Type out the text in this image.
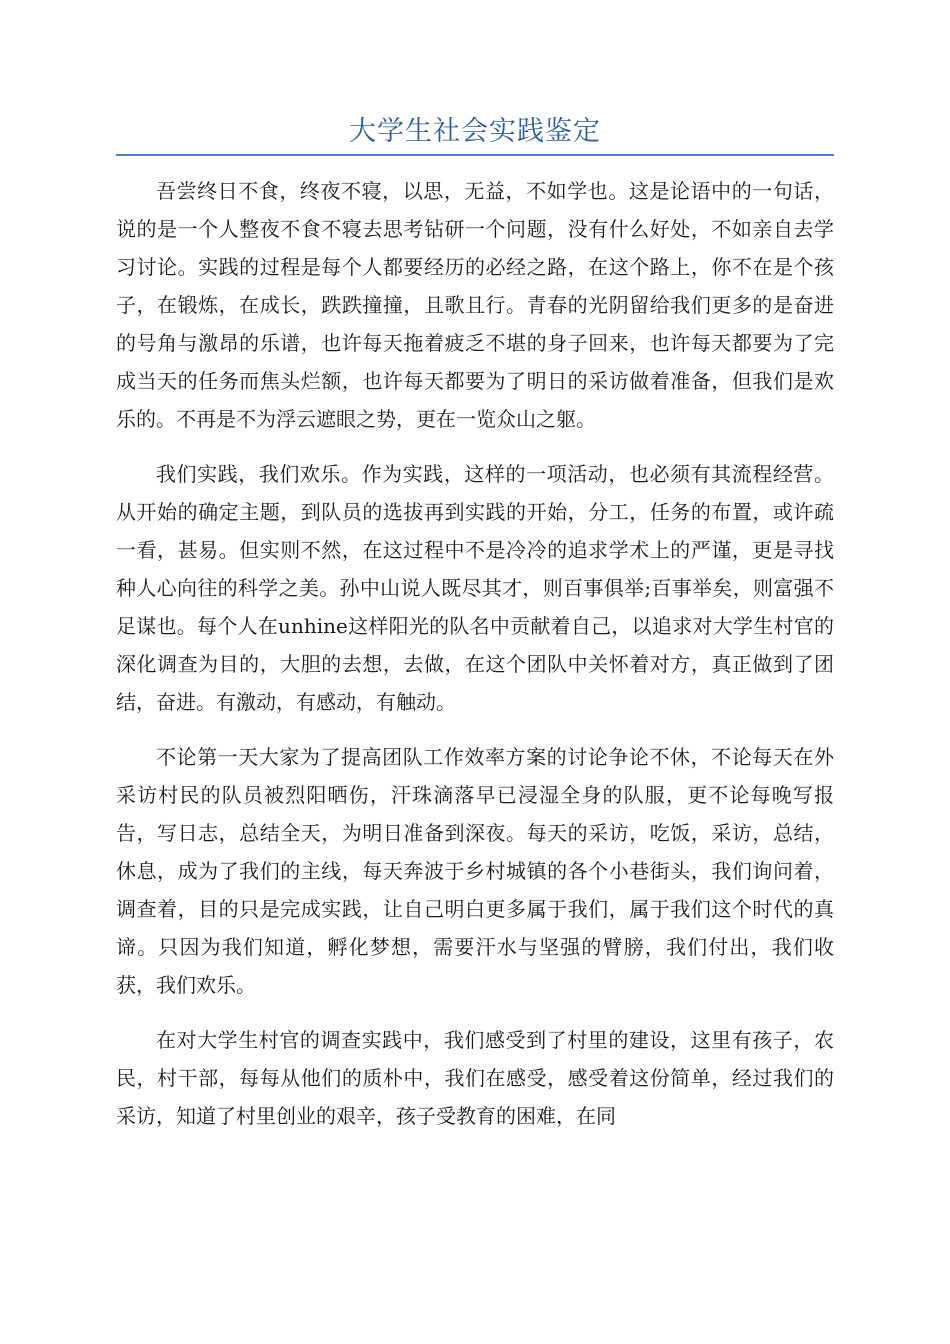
大学生社会实践鉴定

吾尝终日不食，终夜不寝，以思，无益，不如学也。这是论语中的一句话，说的是一个人整夜不食不寝去思考钻研一个问题，没有什么好处，不如亲自去学习讨论。实践的过程是每个人都要经历的必经之路，在这个路上，你不在是个孩子，在锻炼，在成长，跌跌撞撞，且歌且行。青春的光阴留给我们更多的是奋进的号角与激昂的乐谱，也许每天拖着疲乏不堪的身子回来，也许每天都要为了完成当天的任务而焦头烂额，也许每天都要为了明日的采访做着准备，但我们是欢乐的。不再是不为浮云遮眼之势，更在一览众山之躯。

我们实践，我们欢乐。作为实践，这样的一项活动，也必须有其流程经营。从开始的确定主题，到队员的选拔再到实践的开始，分工，任务的布置，或许疏一看，甚易。但实则不然，在这过程中不是冷冷的追求学术上的严谨，更是寻找种人心向往的科学之美。孙中山说人既尽其才，则百事俱举;百事举矣，则富强不足谋也。每个人在unhine这样阳光的队名中贡献着自己，以追求对大学生村官的深化调查为目的，大胆的去想，去做，在这个团队中关怀着对方，真正做到了团结，奋进。有激动，有感动，有触动。

不论第一天大家为了提高团队工作效率方案的讨论争论不休，不论每天在外采访村民的队员被烈阳晒伤，汗珠滴落早已浸湿全身的队服，更不论每晚写报告，写日志，总结全天，为明日准备到深夜。每天的采访，吃饭，采访，总结，休息，成为了我们的主线，每天奔波于乡村城镇的各个小巷街头，我们询问着，调查着，目的只是完成实践，让自己明白更多属于我们，属于我们这个时代的真谛。只因为我们知道，孵化梦想，需要汗水与坚强的臂膀，我们付出，我们收获，我们欢乐。

在对大学生村官的调查实践中，我们感受到了村里的建设，这里有孩子，农民，村干部，每每从他们的质朴中，我们在感受，感受着这份简单，经过我们的采访，知道了村里创业的艰辛，孩子受教育的困难，在同
